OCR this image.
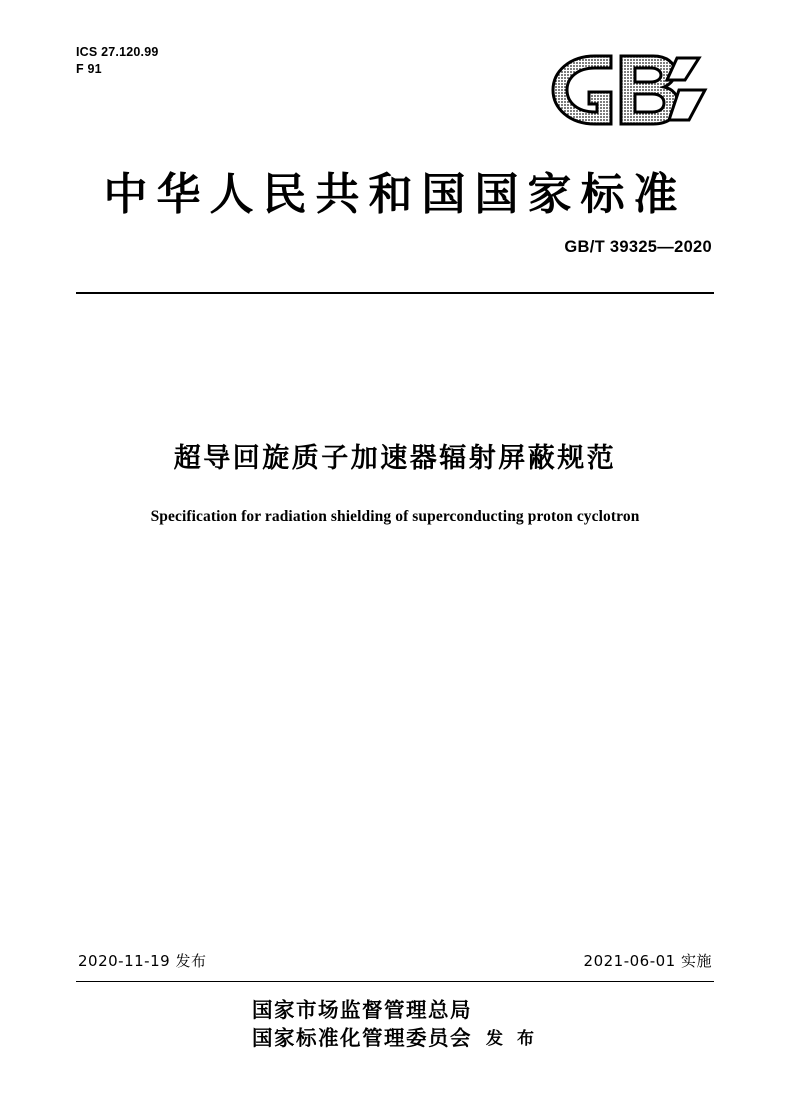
ICS 27.120.99
F 91
中华人民共和国国家标准
GB/T 39325—2020
超导回旋质子加速器辐射屏蔽规范
Specification for radiation shielding of superconducting proton cyclotron
2020-11-19 发布	2021-06-01 实施
国家市场监督管理总局
国家标准化管理委员会 发 布
